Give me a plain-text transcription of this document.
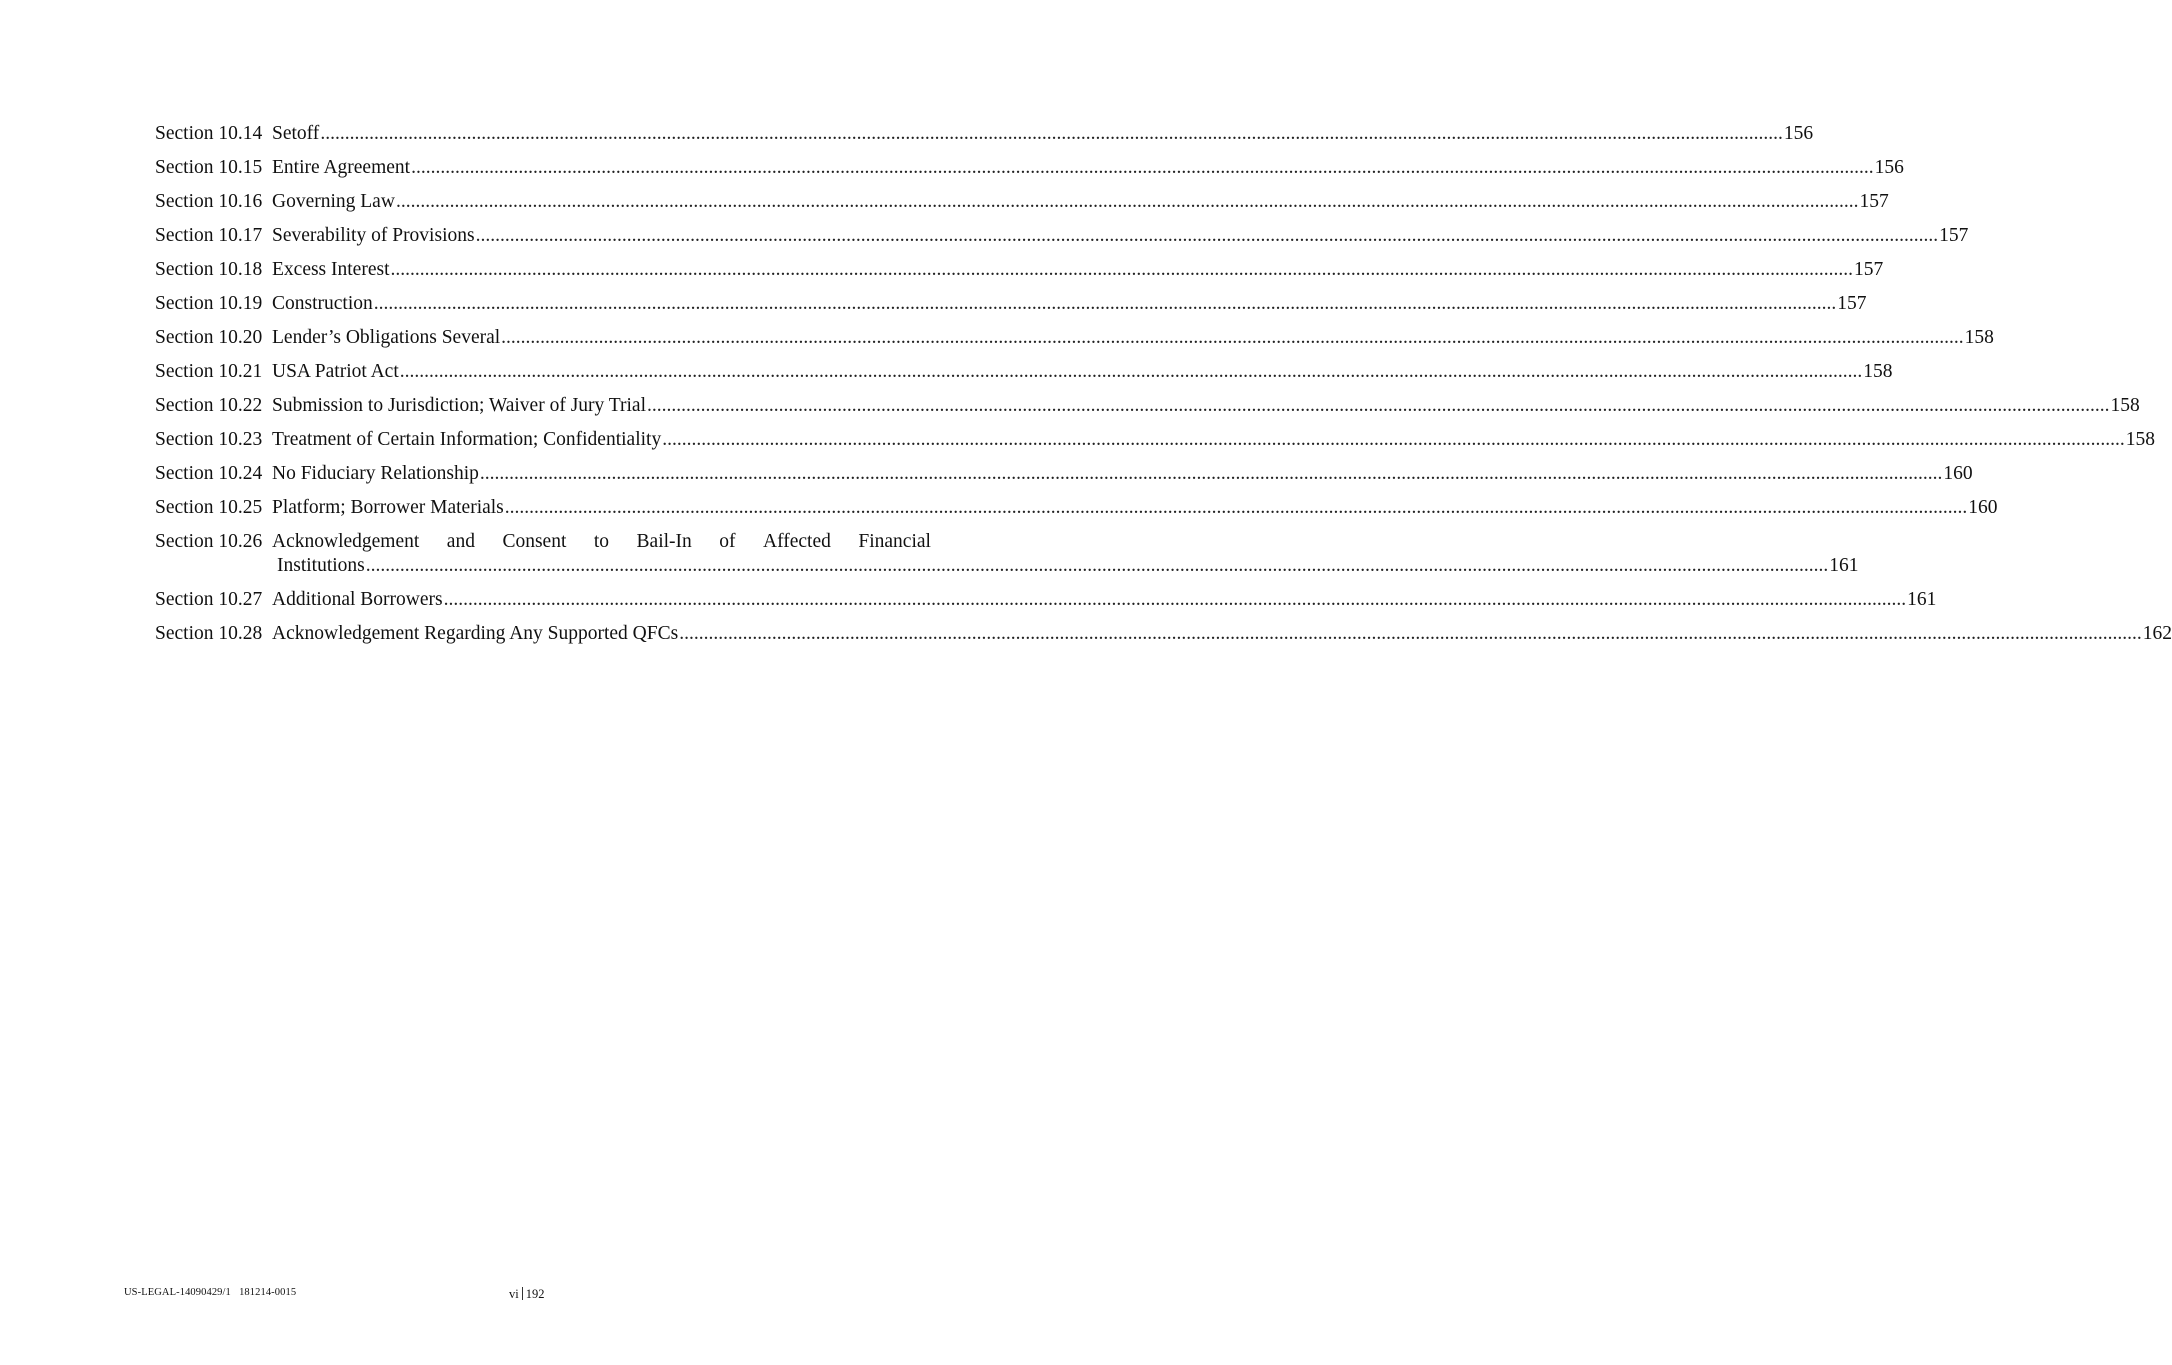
Section 10.14 Setoff ............................................................................................................................................................................................................................................................................................................ 156
Section 10.15 Entire Agreement ............................................................................................................................................................................................................................................................................................................ 156
Section 10.16 Governing Law ............................................................................................................................................................................................................................................................................................................ 157
Section 10.17 Severability of Provisions ............................................................................................................................................................................................................................................................................................................ 157
Section 10.18 Excess Interest ............................................................................................................................................................................................................................................................................................................ 157
Section 10.19 Construction ............................................................................................................................................................................................................................................................................................................ 157
Section 10.20 Lender’s Obligations Several ............................................................................................................................................................................................................................................................................................................ 158
Section 10.21 USA Patriot Act ............................................................................................................................................................................................................................................................................................................ 158
Section 10.22 Submission to Jurisdiction; Waiver of Jury Trial ............................................................................................................................................................................................................................................................................................................ 158
Section 10.23 Treatment of Certain Information; Confidentiality ............................................................................................................................................................................................................................................................................................................ 158
Section 10.24 No Fiduciary Relationship ............................................................................................................................................................................................................................................................................................................ 160
Section 10.25 Platform; Borrower Materials ............................................................................................................................................................................................................................................................................................................ 160
Section 10.26 Acknowledgement and Consent to Bail-In of Affected Financial
Institutions ............................................................................................................................................................................................................................................................................................................ 161
Section 10.27 Additional Borrowers ............................................................................................................................................................................................................................................................................................................ 161
Section 10.28 Acknowledgement Regarding Any Supported QFCs ............................................................................................................................................................................................................................................................................................................ 162
US-LEGAL-14090429/1 181214-0015	vi 192
